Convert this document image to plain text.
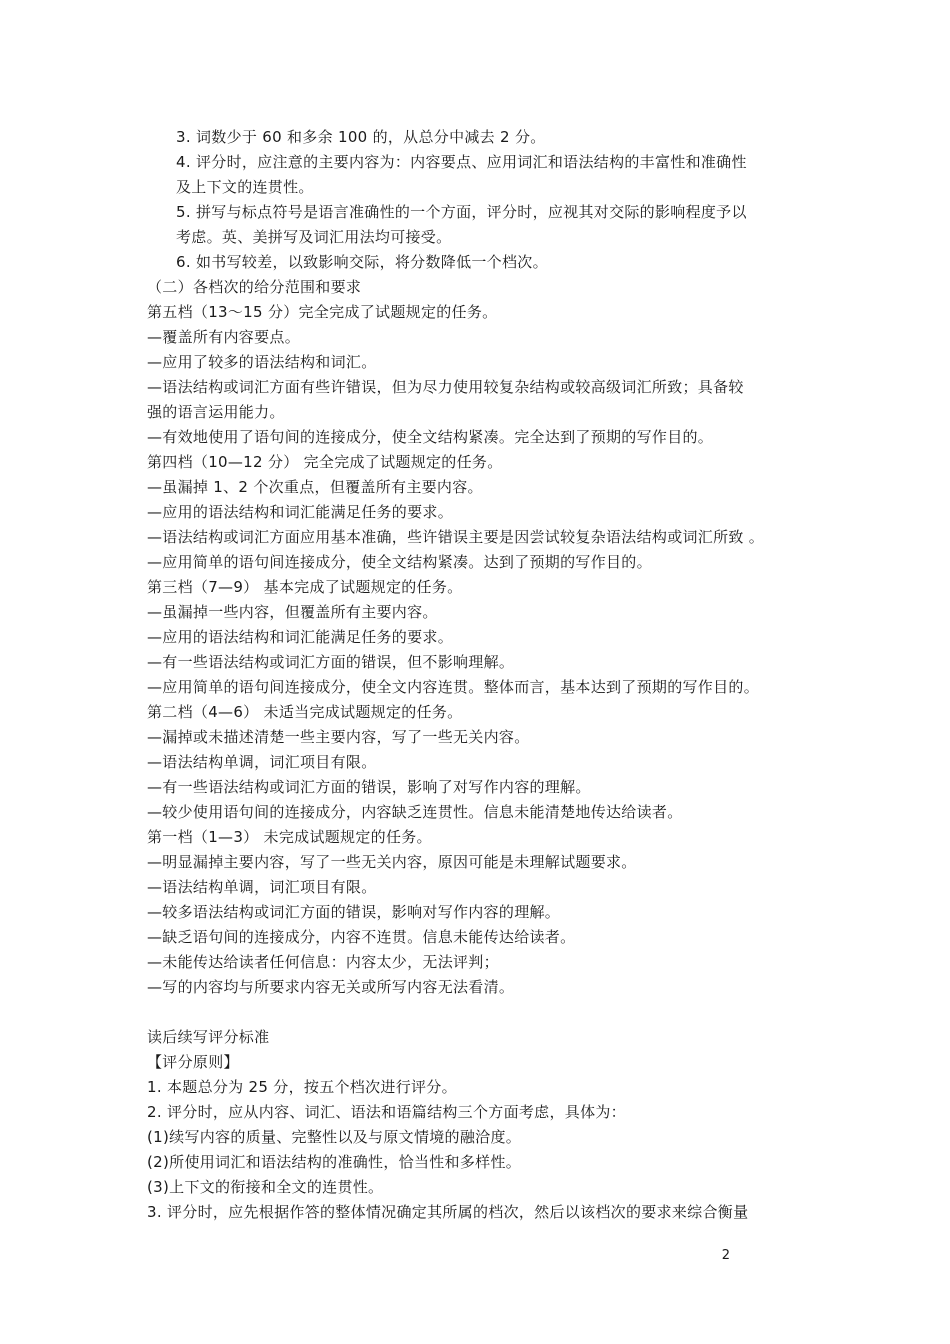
3. 词数少于 60 和多余 100 的，从总分中减去 2 分。
4. 评分时，应注意的主要内容为：内容要点、应用词汇和语法结构的丰富性和准确性
及上下文的连贯性。
5. 拼写与标点符号是语言准确性的一个方面，评分时，应视其对交际的影响程度予以
考虑。英、美拼写及词汇用法均可接受。
6. 如书写较差，以致影响交际，将分数降低一个档次。
（二）各档次的给分范围和要求
第五档（13～15 分）完全完成了试题规定的任务。
—覆盖所有内容要点。
—应用了较多的语法结构和词汇。
—语法结构或词汇方面有些许错误，但为尽力使用较复杂结构或较高级词汇所致；具备较
强的语言运用能力。
—有效地使用了语句间的连接成分，使全文结构紧凑。完全达到了预期的写作目的。
第四档（10—12 分） 完全完成了试题规定的任务。
—虽漏掉 1、2 个次重点，但覆盖所有主要内容。
—应用的语法结构和词汇能满足任务的要求。
—语法结构或词汇方面应用基本准确，些许错误主要是因尝试较复杂语法结构或词汇所致 。
—应用简单的语句间连接成分，使全文结构紧凑。达到了预期的写作目的。
第三档（7—9） 基本完成了试题规定的任务。
—虽漏掉一些内容，但覆盖所有主要内容。
—应用的语法结构和词汇能满足任务的要求。
—有一些语法结构或词汇方面的错误，但不影响理解。
—应用简单的语句间连接成分，使全文内容连贯。整体而言，基本达到了预期的写作目的。
第二档（4—6） 未适当完成试题规定的任务。
—漏掉或未描述清楚一些主要内容，写了一些无关内容。
—语法结构单调，词汇项目有限。
—有一些语法结构或词汇方面的错误，影响了对写作内容的理解。
—较少使用语句间的连接成分，内容缺乏连贯性。信息未能清楚地传达给读者。
第一档（1—3） 未完成试题规定的任务。
—明显漏掉主要内容，写了一些无关内容，原因可能是未理解试题要求。
—语法结构单调，词汇项目有限。
—较多语法结构或词汇方面的错误，影响对写作内容的理解。
—缺乏语句间的连接成分，内容不连贯。信息未能传达给读者。
—未能传达给读者任何信息：内容太少，无法评判；
—写的内容均与所要求内容无关或所写内容无法看清。
读后续写评分标准
【评分原则】
1. 本题总分为 25 分，按五个档次进行评分。
2. 评分时，应从内容、词汇、语法和语篇结构三个方面考虑，具体为：
(1)续写内容的质量、完整性以及与原文情境的融洽度。
(2)所使用词汇和语法结构的准确性，恰当性和多样性。
(3)上下文的衔接和全文的连贯性。
3. 评分时，应先根据作答的整体情况确定其所属的档次，然后以该档次的要求来综合衡量
2
